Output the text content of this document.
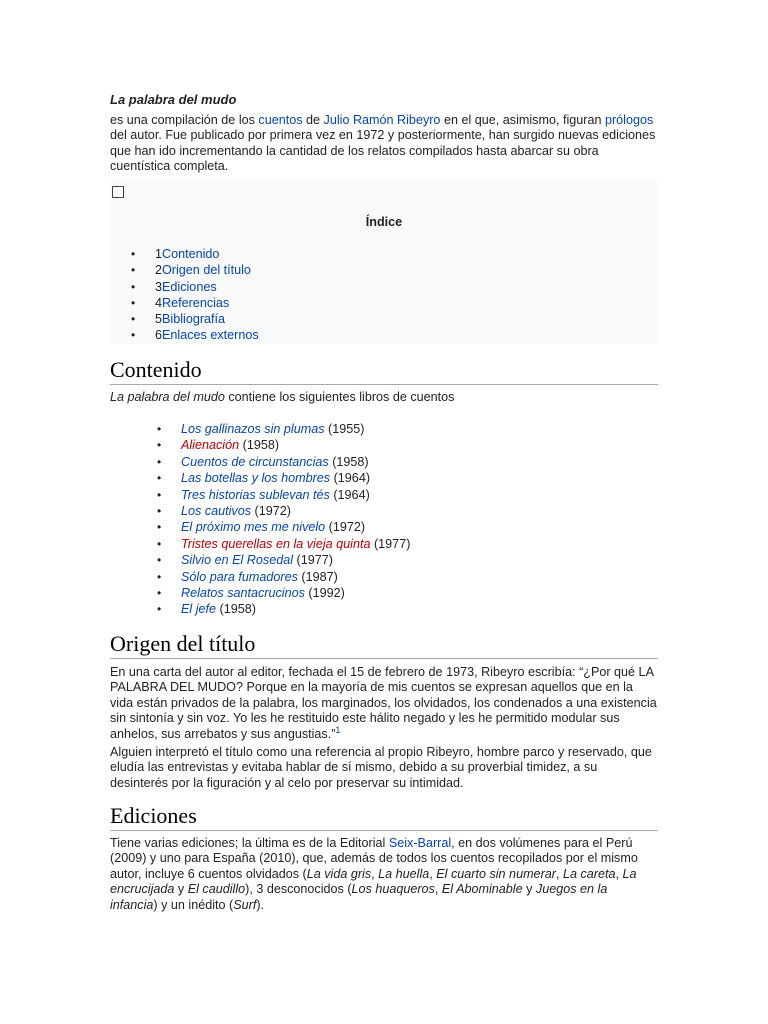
La palabra del mudo

es una compilación de los cuentos de Julio Ramón Ribeyro en el que, asimismo, figuran prólogos del autor. Fue publicado por primera vez en 1972 y posteriormente, han surgido nuevas ediciones que han ido incrementando la cantidad de los relatos compilados hasta abarcar su obra cuentística completa.

Índice
• 1Contenido
• 2Origen del título
• 3Ediciones
• 4Referencias
• 5Bibliografía
• 6Enlaces externos
Contenido

La palabra del mudo contiene los siguientes libros de cuentos

• Los gallinazos sin plumas (1955)
• Alienación (1958)
• Cuentos de circunstancias (1958)
• Las botellas y los hombres (1964)
• Tres historias sublevan tés (1964)
• Los cautivos (1972)
• El próximo mes me nivelo (1972)
• Tristes querellas en la vieja quinta (1977)
• Silvio en El Rosedal (1977)
• Sólo para fumadores (1987)
• Relatos santacrucinos (1992)
• El jefe (1958)
Origen del título

En una carta del autor al editor, fechada el 15 de febrero de 1973, Ribeyro escribía: “¿Por qué LA PALABRA DEL MUDO? Porque en la mayoría de mis cuentos se expresan aquellos que en la vida están privados de la palabra, los marginados, los olvidados, los condenados a una existencia sin sintonía y sin voz. Yo les he restituido este hálito negado y les he permitido modular sus anhelos, sus arrebatos y sus angustias.”$^1$

Alguien interpretó el título como una referencia al propio Ribeyro, hombre parco y reservado, que eludía las entrevistas y evitaba hablar de sí mismo, debido a su proverbial timidez, a su desinterés por la figuración y al celo por preservar su intimidad.

Ediciones

Tiene varias ediciones; la última es de la Editorial Seix-Barral, en dos volúmenes para el Perú (2009) y uno para España (2010), que, además de todos los cuentos recopilados por el mismo autor, incluye 6 cuentos olvidados (La vida gris, La huella, El cuarto sin numerar, La careta, La encrucijada y El caudillo), 3 desconocidos (Los huaqueros, El Abominable y Juegos en la infancia) y un inédito (Surf).
